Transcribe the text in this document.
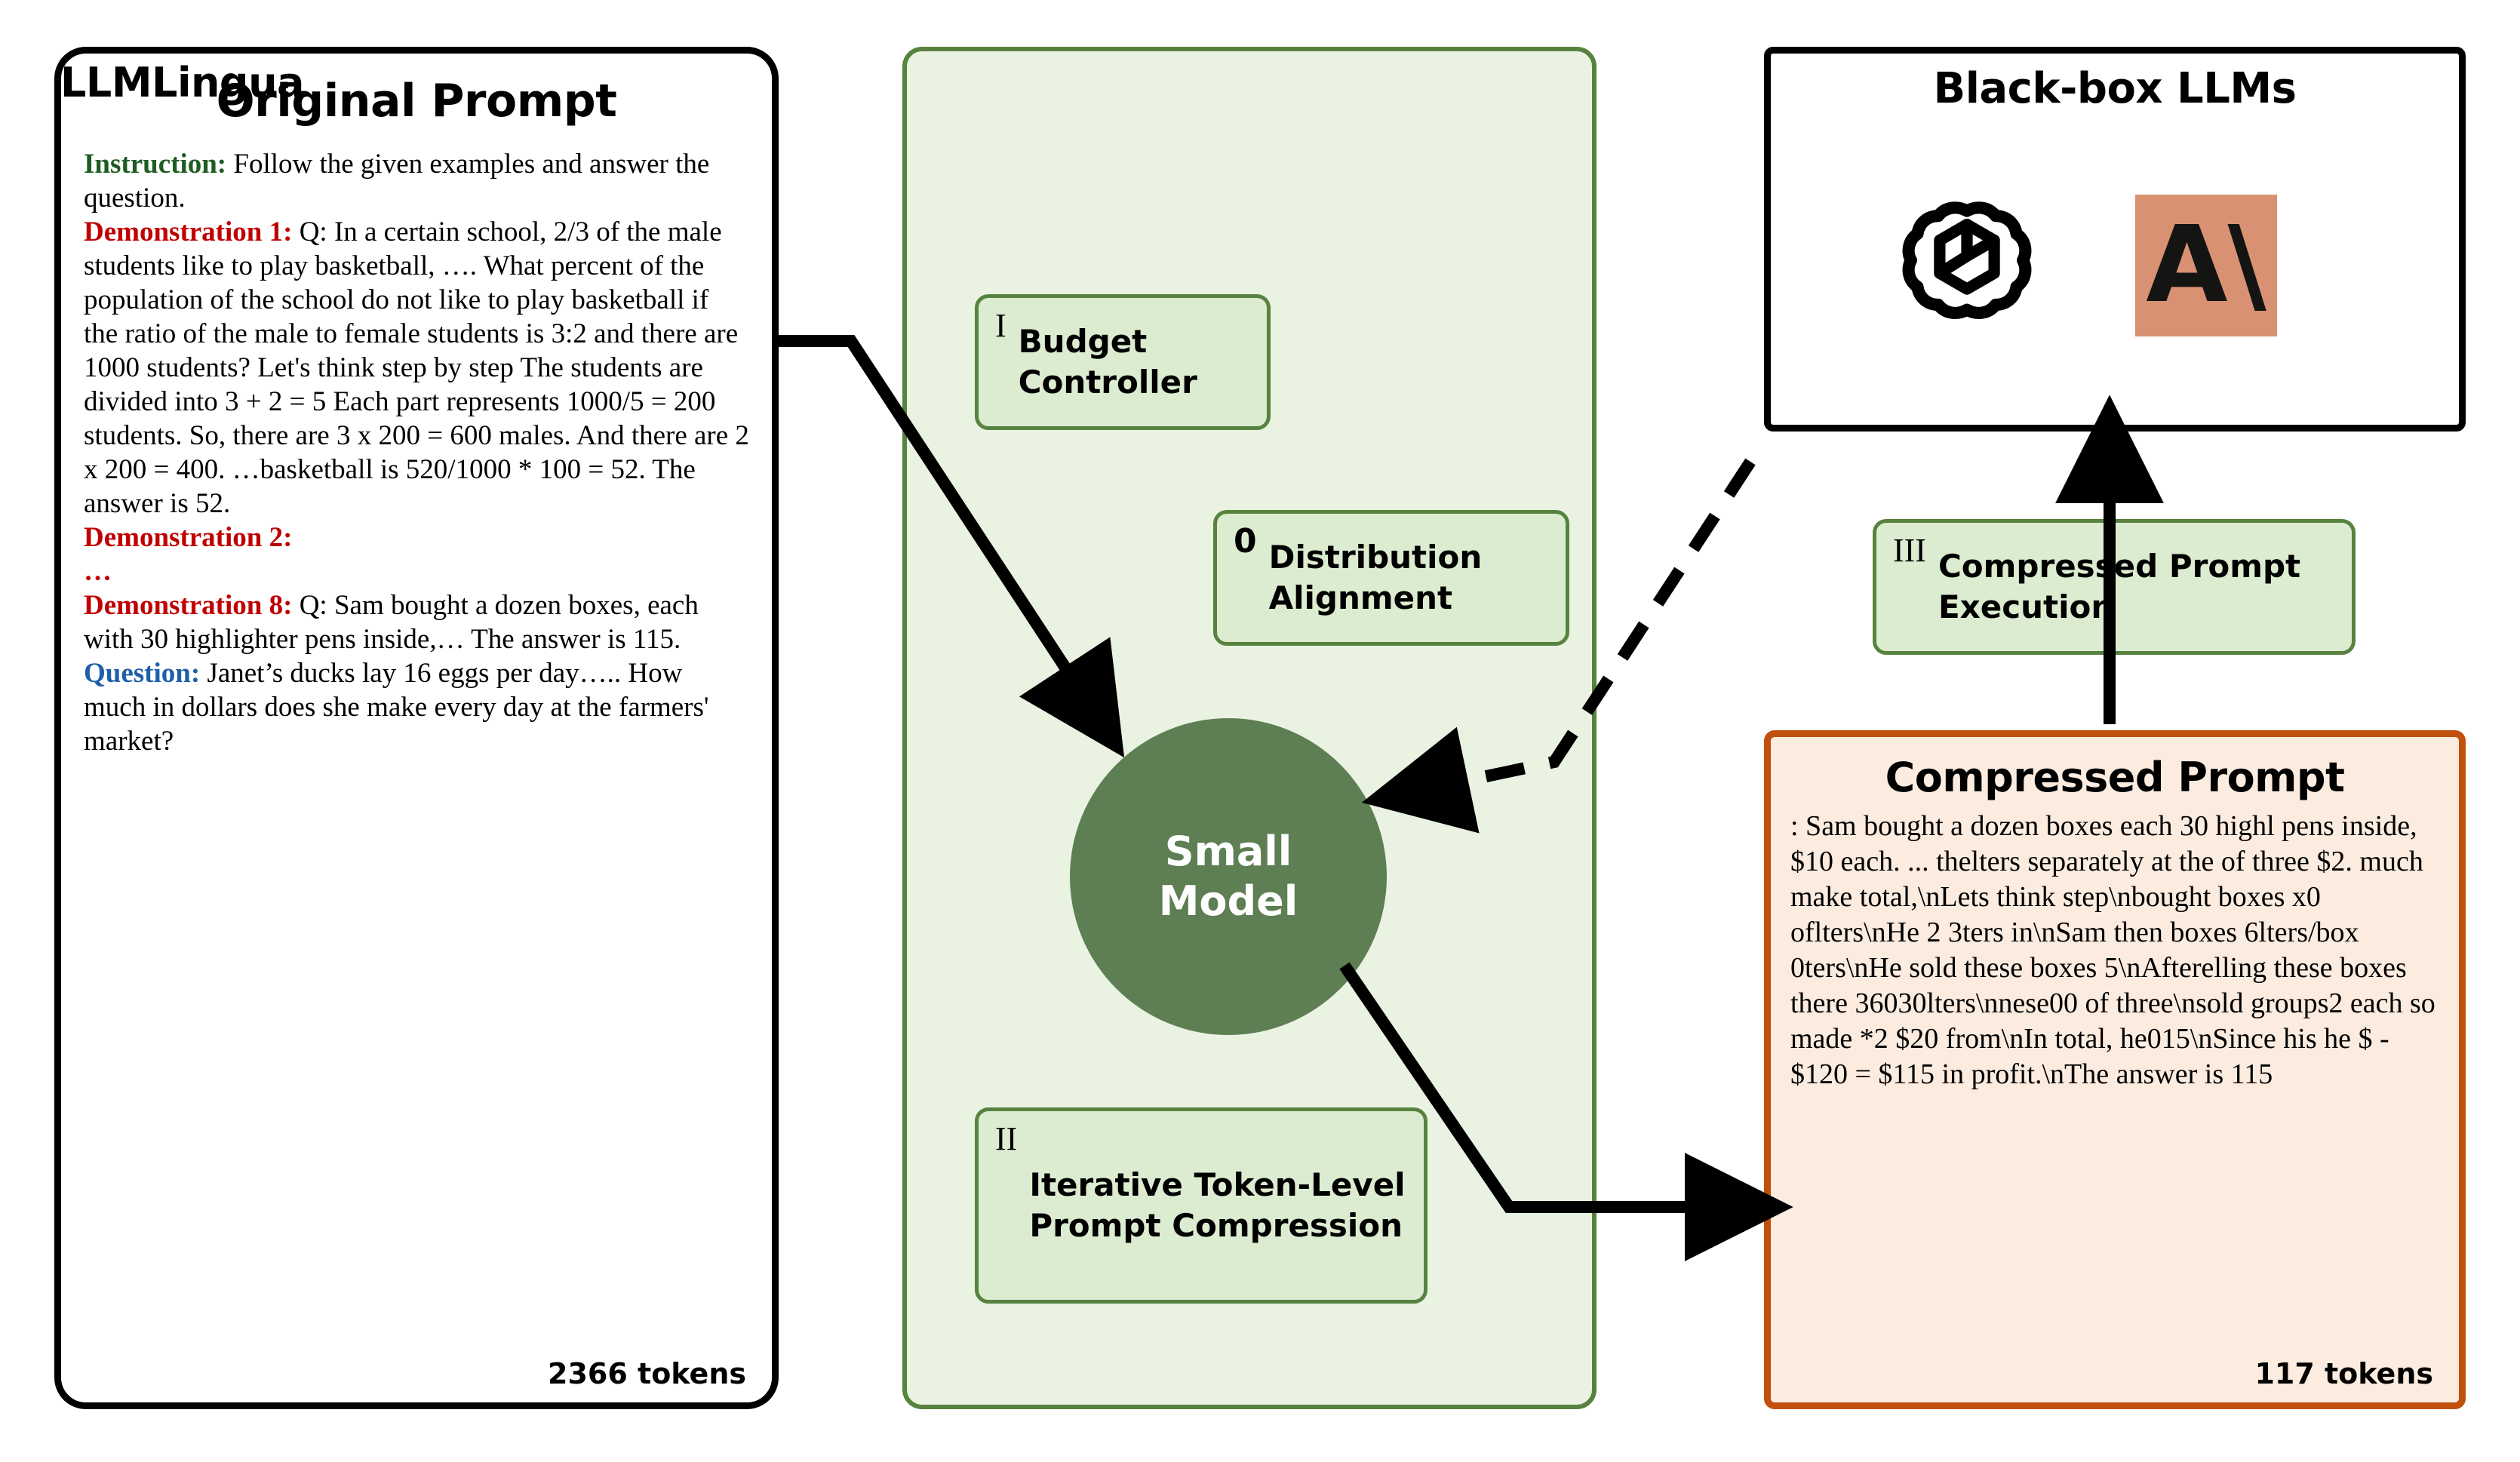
Original Prompt
Instruction: Follow the given examples and answer the question.
Demonstration 1: Q: In a certain school, 2/3 of the male students like to play basketball, …. What percent of the population of the school do not like to play basketball if the ratio of the male to female students is 3:2 and there are 1000 students? Let's think step by step The students are divided into 3 + 2 = 5 Each part represents 1000/5 = 200 students. So, there are 3 x 200 = 600 males. And there are 2 x 200 = 400. …basketball is 520/1000 * 100 = 52. The answer is 52.
Demonstration 2:
…
Demonstration 8: Q: Sam bought a dozen boxes, each with 30 highlighter pens inside,… The answer is 115.
Question: Janet’s ducks lay 16 eggs per day….. How much in dollars does she make every day at the farmers' market?
2366 tokens
LLMLingua
I Budget Controller
0 Distribution Alignment
II
Iterative Token-Level Prompt Compression
Small
Model
Black-box LLMs
A\
III Compressed Prompt Execution
Compressed Prompt
: Sam bought a dozen boxes each 30 highl pens inside, $10 each. ... thelters separately at the of three $2. much make total,\nLets think step\nbought boxes x0 oflters\nHe 2 3ters in\nSam then boxes 6lters/box 0ters\nHe sold these boxes 5\nAfterelling these boxes there 36030lters\nnese00 of three\nsold groups2 each so made *2 $20 from\nIn total, he015\nSince his he $ - $120 = $115 in profit.\nThe answer is 115
117 tokens
